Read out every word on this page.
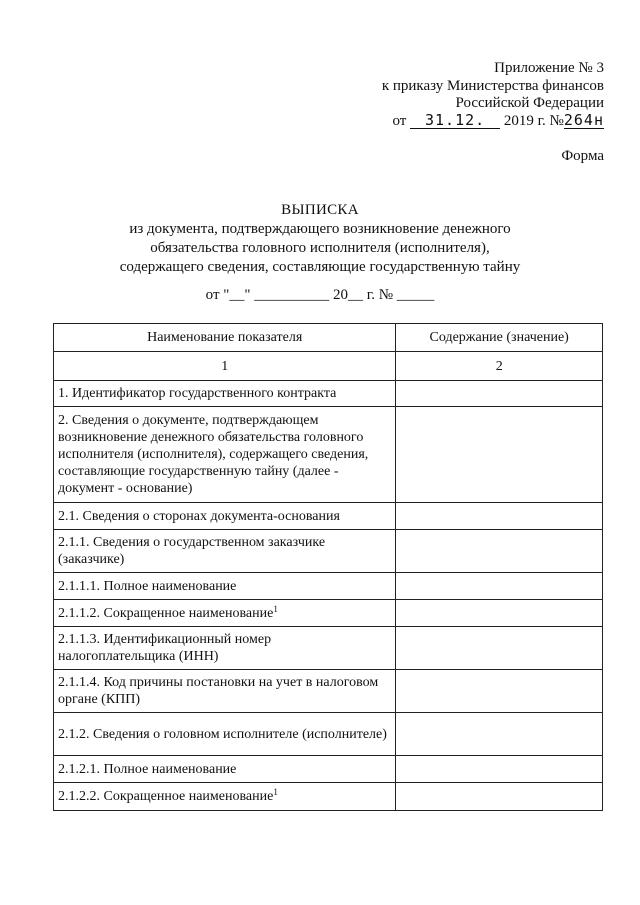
Приложение № 3
к приказу Министерства финансов
Российской Федерации
от 31.12. 2019 г. №264н
Форма
ВЫПИСКА
из документа, подтверждающего возникновение денежного
обязательства головного исполнителя (исполнителя),
содержащего сведения, составляющие государственную тайну
от "__" __________ 20__ г. № _____
Наименование показателя	Содержание (значение)
1	2
1. Идентификатор государственного контракта	
2. Сведения о документе, подтверждающем возникновение денежного обязательства головного исполнителя (исполнителя), содержащего сведения, составляющие государственную тайну (далее - документ - основание)	
2.1. Сведения о сторонах документа-основания	
2.1.1. Сведения о государственном заказчике (заказчике)	
2.1.1.1. Полное наименование	
2.1.1.2. Сокращенное наименование$^1$	
2.1.1.3. Идентификационный номер налогоплательщика (ИНН)	
2.1.1.4. Код причины постановки на учет в налоговом органе (КПП)	
2.1.2. Сведения о головном исполнителе (исполнителе)	
2.1.2.1. Полное наименование	
2.1.2.2. Сокращенное наименование$^1$	
